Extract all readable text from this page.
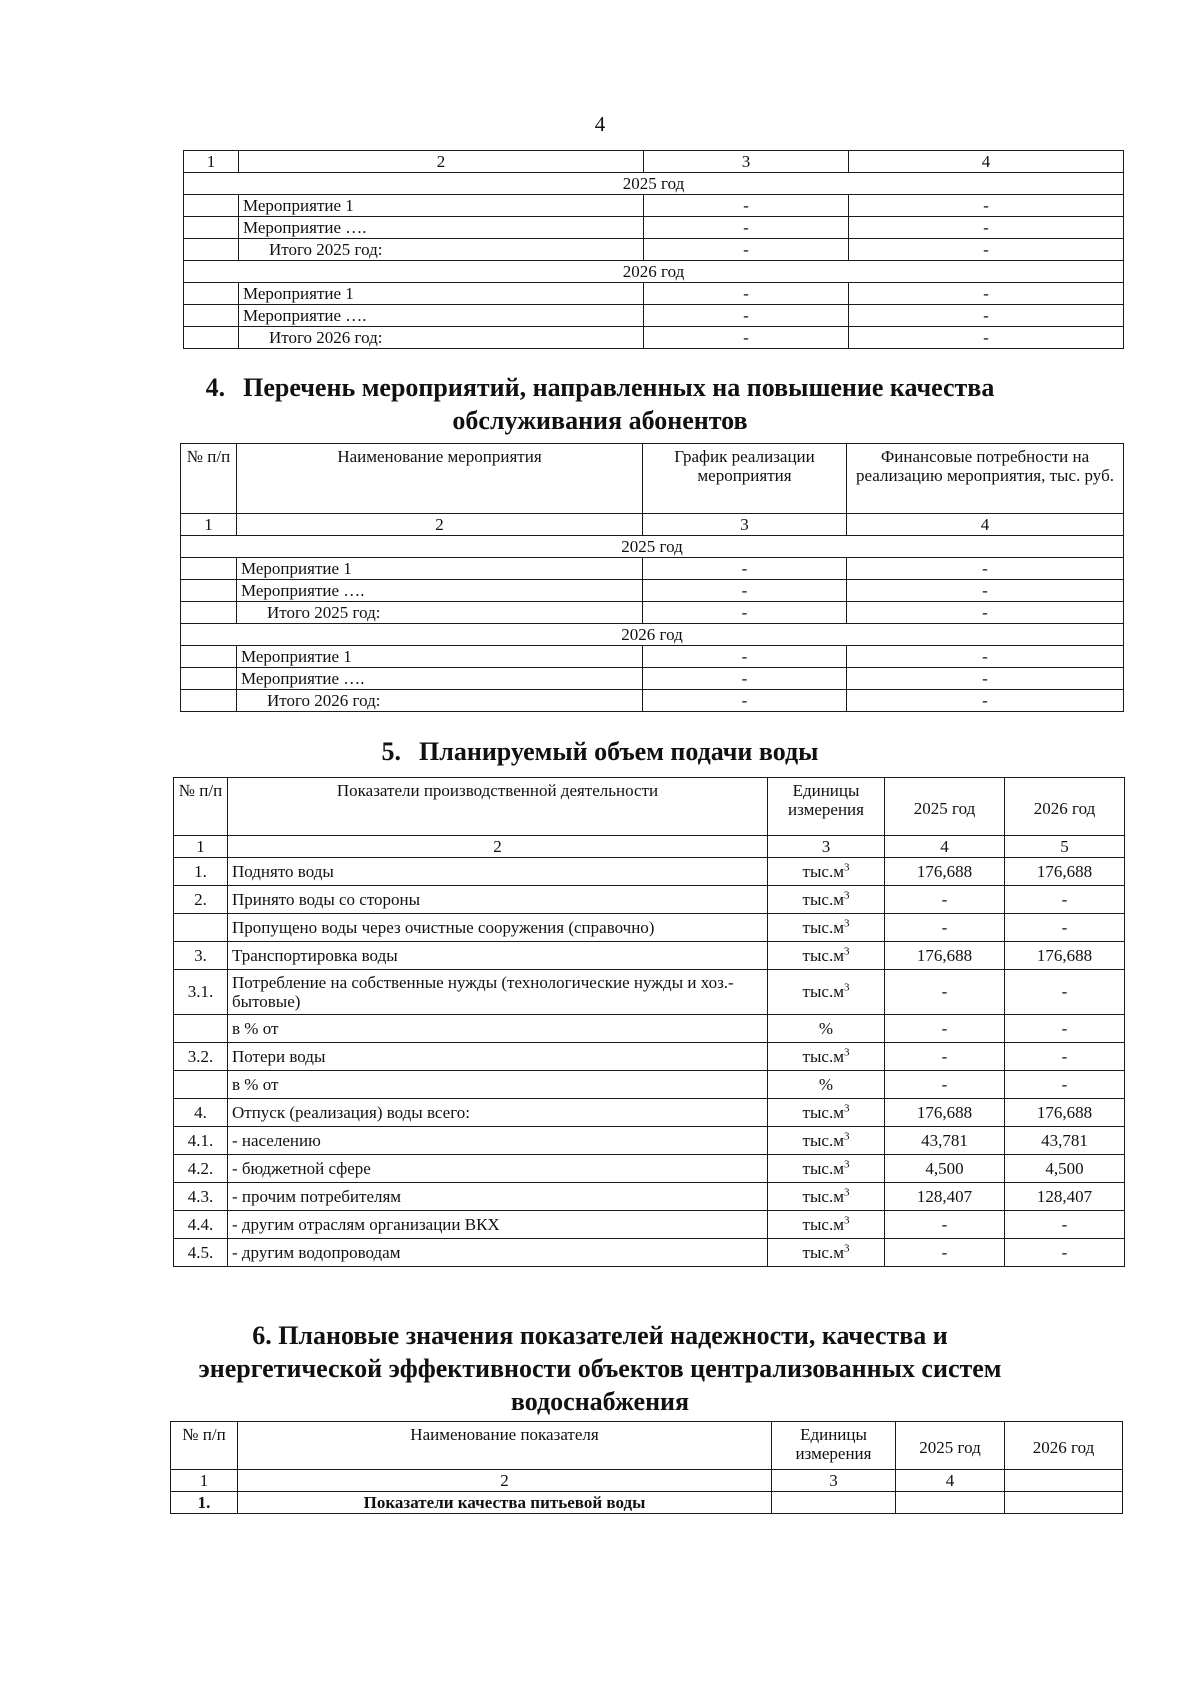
4
1	2	3	4
2025 год			
	Мероприятие 1	-	-
	Мероприятие ….	-	-
	Итого 2025 год:	-	-
2026 год			
	Мероприятие 1	-	-
	Мероприятие ….	-	-
	Итого 2026 год:	-	-
4. Перечень мероприятий, направленных на повышение качества
обслуживания абонентов
№ п/п	Наименование мероприятия	График реализации мероприятия	Финансовые потребности на реализацию мероприятия, тыс. руб.
1	2	3	4
2025 год			
	Мероприятие 1	-	-
	Мероприятие ….	-	-
	Итого 2025 год:	-	-
2026 год			
	Мероприятие 1	-	-
	Мероприятие ….	-	-
	Итого 2026 год:	-	-
5. Планируемый объем подачи воды
№ п/п	Показатели производственной деятельности	Единицы измерения	2025 год	2026 год
1	2	3	4	5
1.	Поднято воды	$тыс.м^3$	176,688	176,688
2.	Принято воды со стороны	$тыс.м^3$	-	-
	Пропущено воды через очистные сооружения (справочно)	$тыс.м^3$	-	-
3.	Транспортировка воды	$тыс.м^3$	176,688	176,688
3.1.	Потребление на собственные нужды (технологические нужды и хоз.-бытовые)	$тыс.м^3$	-	-
	в % от	%	-	-
3.2.	Потери воды	$тыс.м^3$	-	-
	в % от	%	-	-
4.	Отпуск (реализация) воды всего:	$тыс.м^3$	176,688	176,688
4.1.	- населению	$тыс.м^3$	43,781	43,781
4.2.	- бюджетной сфере	$тыс.м^3$	4,500	4,500
4.3.	- прочим потребителям	$тыс.м^3$	128,407	128,407
4.4.	- другим отраслям организации ВКХ	$тыс.м^3$	-	-
4.5.	- другим водопроводам	$тыс.м^3$	-	-
6. Плановые значения показателей надежности, качества и
энергетической эффективности объектов централизованных систем
водоснабжения
№ п/п	Наименование показателя	Единицы измерения	2025 год	2026 год
1	2	3	4	
1.	Показатели качества питьевой воды			
